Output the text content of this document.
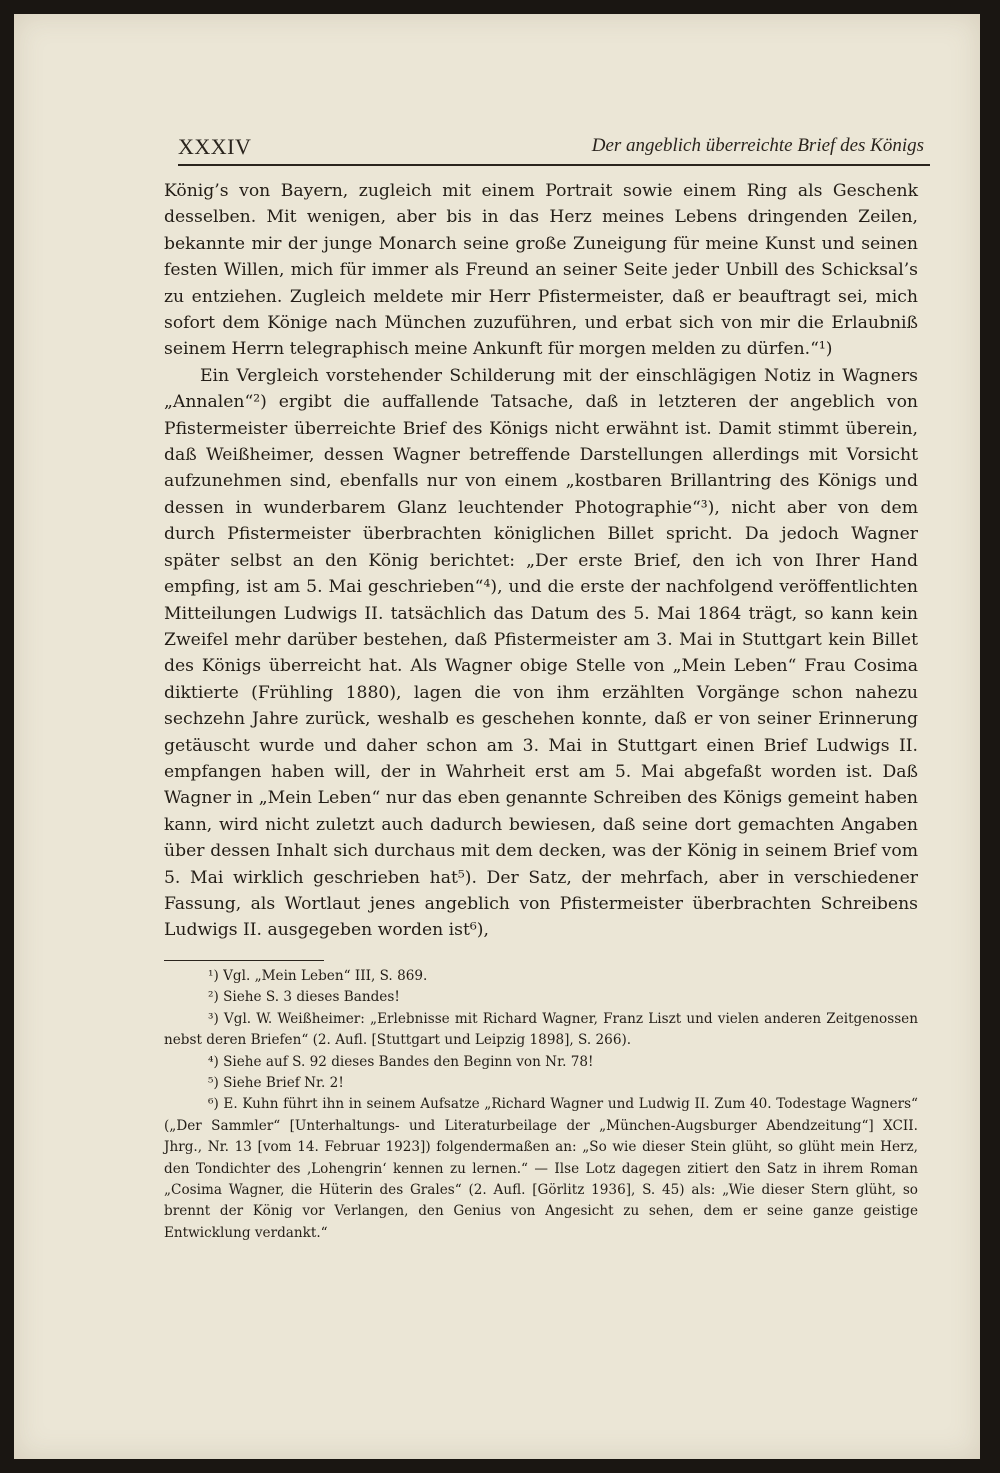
XXXIV	Der angeblich überreichte Brief des Königs

König’s von Bayern, zugleich mit einem Portrait sowie einem Ring als Geschenk desselben. Mit wenigen, aber bis in das Herz meines Lebens dringenden Zeilen, bekannte mir der junge Monarch seine große Zuneigung für meine Kunst und seinen festen Willen, mich für immer als Freund an seiner Seite jeder Unbill des Schicksal’s zu entziehen. Zugleich meldete mir Herr Pfistermeister, daß er beauftragt sei, mich sofort dem Könige nach München zuzuführen, und erbat sich von mir die Erlaubniß seinem Herrn telegraphisch meine Ankunft für morgen melden zu dürfen.“¹)

Ein Vergleich vorstehender Schilderung mit der einschlägigen Notiz in Wagners „Annalen“²) ergibt die auffallende Tatsache, daß in letzteren der angeblich von Pfistermeister überreichte Brief des Königs nicht erwähnt ist. Damit stimmt überein, daß Weißheimer, dessen Wagner betreffende Darstellungen allerdings mit Vorsicht aufzunehmen sind, ebenfalls nur von einem „kostbaren Brillantring des Königs und dessen in wunderbarem Glanz leuchtender Photographie“³), nicht aber von dem durch Pfistermeister überbrachten königlichen Billet spricht. Da jedoch Wagner später selbst an den König berichtet: „Der erste Brief, den ich von Ihrer Hand empfing, ist am 5. Mai geschrieben“⁴), und die erste der nachfolgend veröffentlichten Mitteilungen Ludwigs II. tatsächlich das Datum des 5. Mai 1864 trägt, so kann kein Zweifel mehr darüber bestehen, daß Pfistermeister am 3. Mai in Stuttgart kein Billet des Königs überreicht hat. Als Wagner obige Stelle von „Mein Leben“ Frau Cosima diktierte (Frühling 1880), lagen die von ihm erzählten Vorgänge schon nahezu sechzehn Jahre zurück, weshalb es geschehen konnte, daß er von seiner Erinnerung getäuscht wurde und daher schon am 3. Mai in Stuttgart einen Brief Ludwigs II. empfangen haben will, der in Wahrheit erst am 5. Mai abgefaßt worden ist. Daß Wagner in „Mein Leben“ nur das eben genannte Schreiben des Königs gemeint haben kann, wird nicht zuletzt auch dadurch bewiesen, daß seine dort gemachten Angaben über dessen Inhalt sich durchaus mit dem decken, was der König in seinem Brief vom 5. Mai wirklich geschrieben hat⁵). Der Satz, der mehrfach, aber in verschiedener Fassung, als Wortlaut jenes angeblich von Pfistermeister überbrachten Schreibens Ludwigs II. ausgegeben worden ist⁶),

¹) Vgl. „Mein Leben“ III, S. 869.

²) Siehe S. 3 dieses Bandes!

³) Vgl. W. Weißheimer: „Erlebnisse mit Richard Wagner, Franz Liszt und vielen anderen Zeitgenossen nebst deren Briefen“ (2. Aufl. [Stuttgart und Leipzig 1898], S. 266).

⁴) Siehe auf S. 92 dieses Bandes den Beginn von Nr. 78!

⁵) Siehe Brief Nr. 2!

⁶) E. Kuhn führt ihn in seinem Aufsatze „Richard Wagner und Ludwig II. Zum 40. Todestage Wagners“ („Der Sammler“ [Unterhaltungs- und Literaturbeilage der „München-Augsburger Abendzeitung“] XCII. Jhrg., Nr. 13 [vom 14. Februar 1923]) folgendermaßen an: „So wie dieser Stein glüht, so glüht mein Herz, den Tondichter des ‚Lohengrin‘ kennen zu lernen.“ — Ilse Lotz dagegen zitiert den Satz in ihrem Roman „Cosima Wagner, die Hüterin des Grales“ (2. Aufl. [Görlitz 1936], S. 45) als: „Wie dieser Stern glüht, so brennt der König vor Verlangen, den Genius von Angesicht zu sehen, dem er seine ganze geistige Entwicklung verdankt.“
